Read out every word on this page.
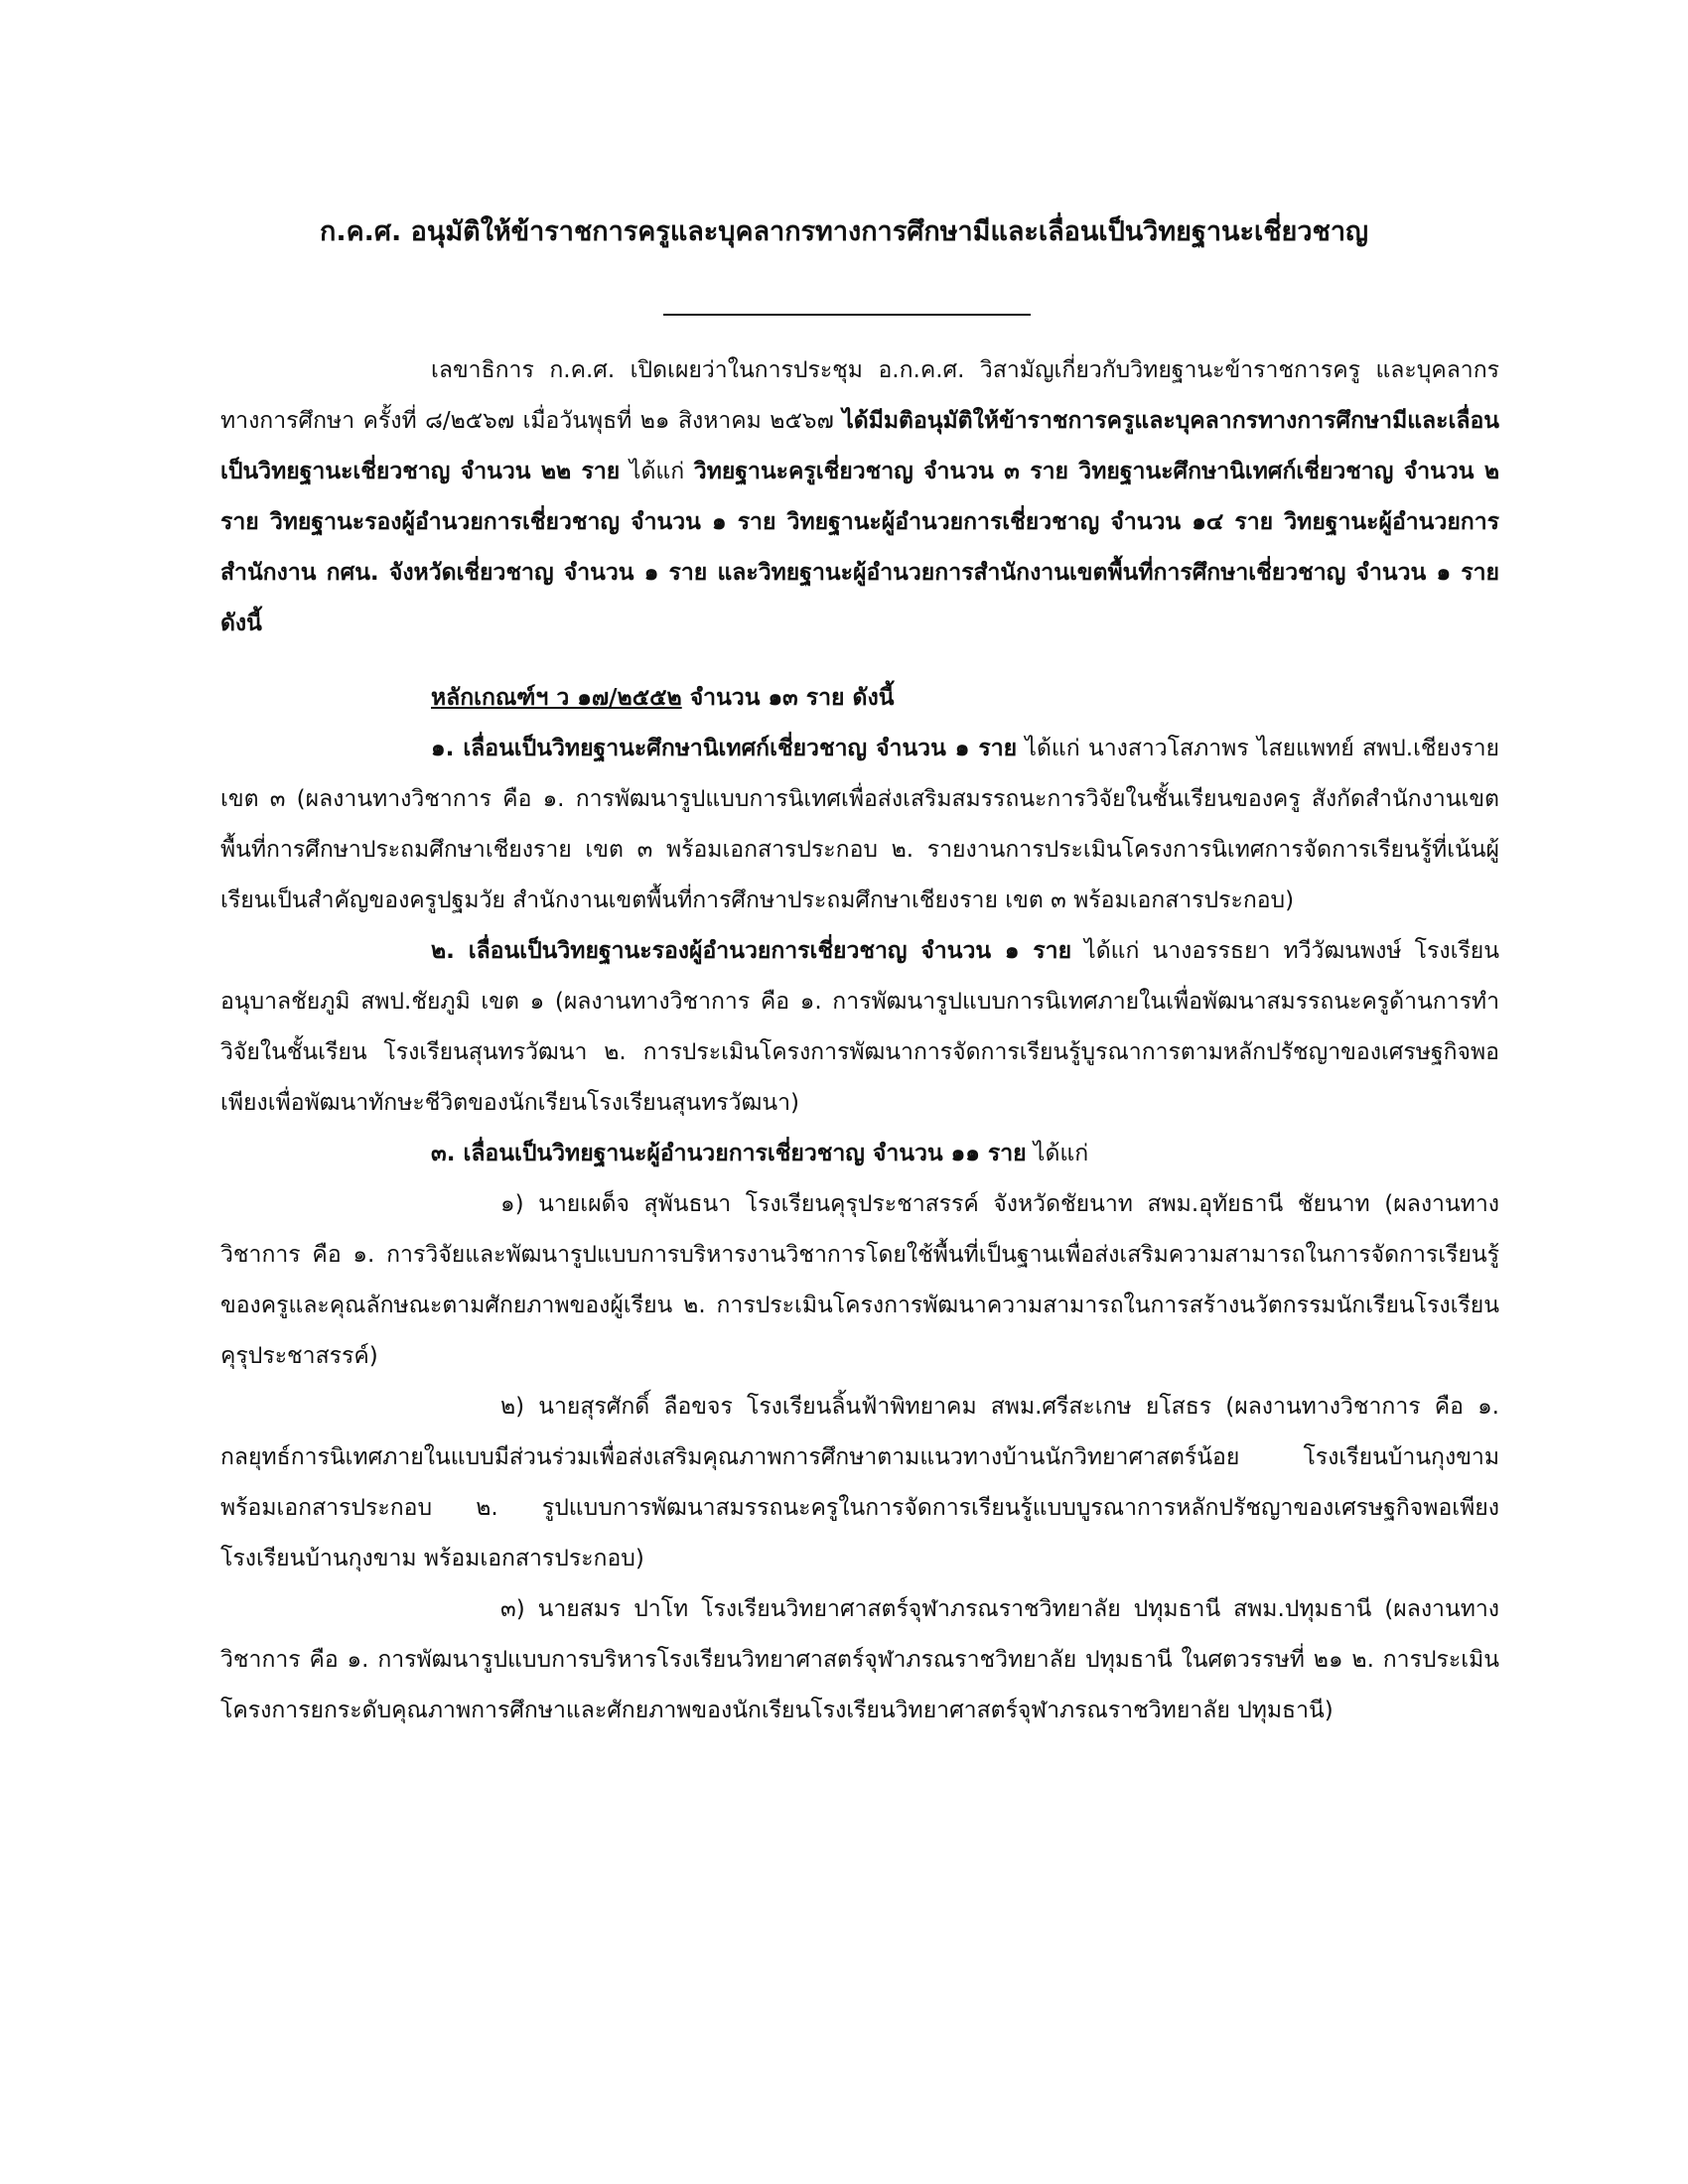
ก.ค.ศ. อนุมัติให้ข้าราชการครูและบุคลากรทางการศึกษามีและเลื่อนเป็นวิทยฐานะเชี่ยวชาญ

เลขาธิการ ก.ค.ศ. เปิดเผยว่าในการประชุม อ.ก.ค.ศ. วิสามัญเกี่ยวกับวิทยฐานะข้าราชการครู และบุคลากรทางการศึกษา ครั้งที่ ๘/๒๕๖๗ เมื่อวันพุธที่ ๒๑ สิงหาคม ๒๕๖๗ ได้มีมติอนุมัติให้ข้าราชการครูและบุคลากรทางการศึกษามีและเลื่อนเป็นวิทยฐานะเชี่ยวชาญ จำนวน ๒๒ ราย ได้แก่ วิทยฐานะครูเชี่ยวชาญ จำนวน ๓ ราย วิทยฐานะศึกษานิเทศก์เชี่ยวชาญ จำนวน ๒ ราย วิทยฐานะรองผู้อำนวยการเชี่ยวชาญ จำนวน ๑ ราย วิทยฐานะผู้อำนวยการเชี่ยวชาญ จำนวน ๑๔ ราย วิทยฐานะผู้อำนวยการสำนักงาน กศน. จังหวัดเชี่ยวชาญ จำนวน ๑ ราย และวิทยฐานะผู้อำนวยการสำนักงานเขตพื้นที่การศึกษาเชี่ยวชาญ จำนวน ๑ ราย ดังนี้

หลักเกณฑ์ฯ ว ๑๗/๒๕๕๒ จำนวน ๑๓ ราย ดังนี้

๑. เลื่อนเป็นวิทยฐานะศึกษานิเทศก์เชี่ยวชาญ จำนวน ๑ ราย ได้แก่ นางสาวโสภาพร ไสยแพทย์ สพป.เชียงราย เขต ๓ (ผลงานทางวิชาการ คือ ๑. การพัฒนารูปแบบการนิเทศเพื่อส่งเสริมสมรรถนะการวิจัยในชั้นเรียนของครู สังกัดสำนักงานเขตพื้นที่การศึกษาประถมศึกษาเชียงราย เขต ๓ พร้อมเอกสารประกอบ ๒. รายงานการประเมินโครงการนิเทศการจัดการเรียนรู้ที่เน้นผู้เรียนเป็นสำคัญของครูปฐมวัย สำนักงานเขตพื้นที่การศึกษาประถมศึกษาเชียงราย เขต ๓ พร้อมเอกสารประกอบ)

๒. เลื่อนเป็นวิทยฐานะรองผู้อำนวยการเชี่ยวชาญ จำนวน ๑ ราย ได้แก่ นางอรรธยา ทวีวัฒนพงษ์ โรงเรียนอนุบาลชัยภูมิ สพป.ชัยภูมิ เขต ๑ (ผลงานทางวิชาการ คือ ๑. การพัฒนารูปแบบการนิเทศภายในเพื่อพัฒนาสมรรถนะครูด้านการทำวิจัยในชั้นเรียน โรงเรียนสุนทรวัฒนา ๒. การประเมินโครงการพัฒนาการจัดการเรียนรู้บูรณาการตามหลักปรัชญาของเศรษฐกิจพอเพียงเพื่อพัฒนาทักษะชีวิตของนักเรียนโรงเรียนสุนทรวัฒนา)

๓. เลื่อนเป็นวิทยฐานะผู้อำนวยการเชี่ยวชาญ จำนวน ๑๑ ราย ได้แก่

๑) นายเผด็จ สุพันธนา โรงเรียนคุรุประชาสรรค์ จังหวัดชัยนาท สพม.อุทัยธานี ชัยนาท (ผลงานทางวิชาการ คือ ๑. การวิจัยและพัฒนารูปแบบการบริหารงานวิชาการโดยใช้พื้นที่เป็นฐานเพื่อส่งเสริมความสามารถในการจัดการเรียนรู้ของครูและคุณลักษณะตามศักยภาพของผู้เรียน ๒. การประเมินโครงการพัฒนาความสามารถในการสร้างนวัตกรรมนักเรียนโรงเรียนคุรุประชาสรรค์)

๒) นายสุรศักดิ์ ลือขจร โรงเรียนลิ้นฟ้าพิทยาคม สพม.ศรีสะเกษ ยโสธร (ผลงานทางวิชาการ คือ ๑. กลยุทธ์การนิเทศภายในแบบมีส่วนร่วมเพื่อส่งเสริมคุณภาพการศึกษาตามแนวทางบ้านนักวิทยาศาสตร์น้อย โรงเรียนบ้านกุงขาม พร้อมเอกสารประกอบ ๒. รูปแบบการพัฒนาสมรรถนะครูในการจัดการเรียนรู้แบบบูรณาการหลักปรัชญาของเศรษฐกิจพอเพียง โรงเรียนบ้านกุงขาม พร้อมเอกสารประกอบ)

๓) นายสมร ปาโท โรงเรียนวิทยาศาสตร์จุฬาภรณราชวิทยาลัย ปทุมธานี สพม.ปทุมธานี (ผลงานทางวิชาการ คือ ๑. การพัฒนารูปแบบการบริหารโรงเรียนวิทยาศาสตร์จุฬาภรณราชวิทยาลัย ปทุมธานี ในศตวรรษที่ ๒๑ ๒. การประเมินโครงการยกระดับคุณภาพการศึกษาและศักยภาพของนักเรียนโรงเรียนวิทยาศาสตร์จุฬาภรณราชวิทยาลัย ปทุมธานี)
